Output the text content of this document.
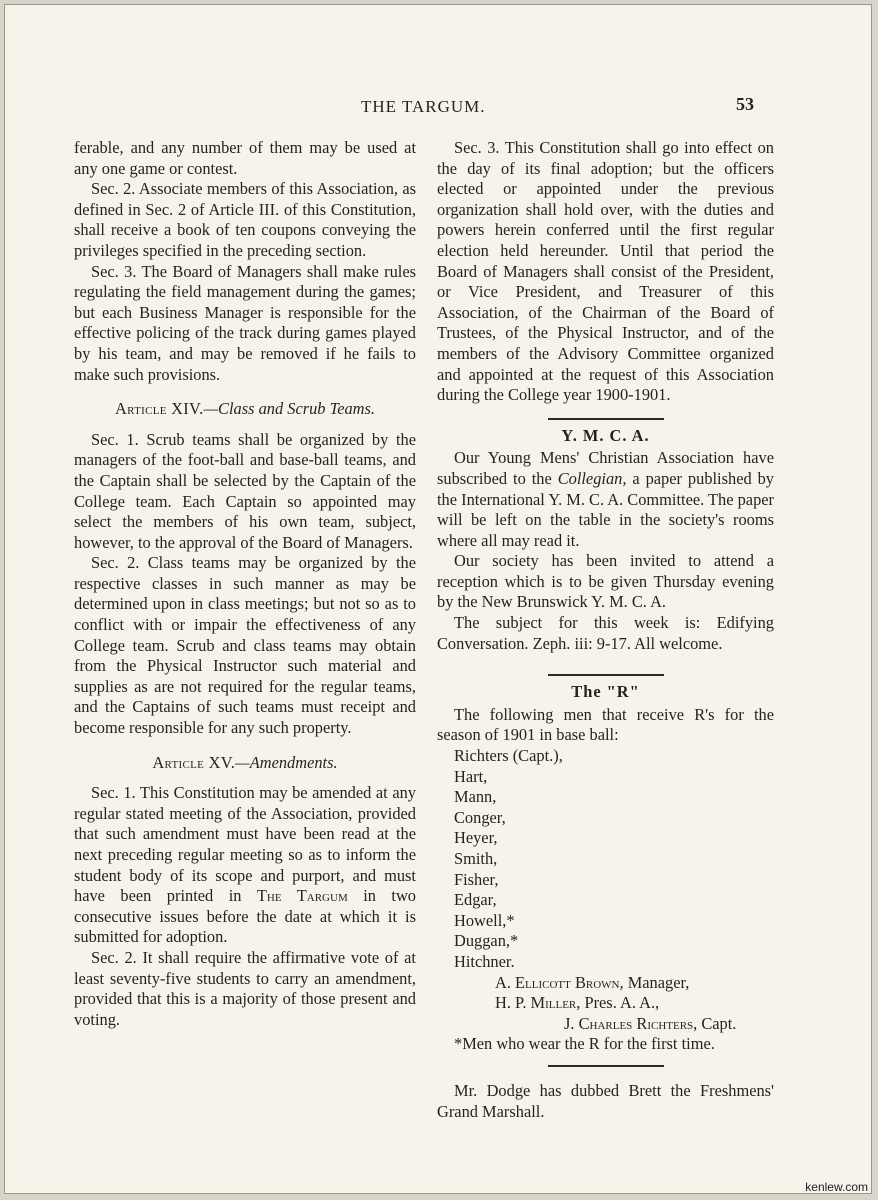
THE TARGUM.	53

ferable, and any number of them may be used at any one game or contest.

Sec. 2. Associate members of this Association, as defined in Sec. 2 of Article III. of this Constitution, shall receive a book of ten coupons conveying the privileges specified in the preceding section.

Sec. 3. The Board of Managers shall make rules regulating the field management during the games; but each Business Manager is responsible for the effective policing of the track during games played by his team, and may be removed if he fails to make such provisions.

Article XIV.—Class and Scrub Teams.

Sec. 1. Scrub teams shall be organized by the managers of the foot-ball and base-ball teams, and the Captain shall be selected by the Captain of the College team. Each Captain so appointed may select the members of his own team, subject, however, to the approval of the Board of Managers.

Sec. 2. Class teams may be organized by the respective classes in such manner as may be determined upon in class meetings; but not so as to conflict with or impair the effectiveness of any College team. Scrub and class teams may obtain from the Physical Instructor such material and supplies as are not required for the regular teams, and the Captains of such teams must receipt and become responsible for any such property.

Article XV.—Amendments.

Sec. 1. This Constitution may be amended at any regular stated meeting of the Association, provided that such amendment must have been read at the next preceding regular meeting so as to inform the student body of its scope and purport, and must have been printed in The Targum in two consecutive issues before the date at which it is submitted for adoption.

Sec. 2. It shall require the affirmative vote of at least seventy-five students to carry an amendment, provided that this is a majority of those present and voting.

Sec. 3. This Constitution shall go into effect on the day of its final adoption; but the officers elected or appointed under the previous organization shall hold over, with the duties and powers herein conferred until the first regular election held hereunder. Until that period the Board of Managers shall consist of the President, or Vice President, and Treasurer of this Association, of the Chairman of the Board of Trustees, of the Physical Instructor, and of the members of the Advisory Committee organized and appointed at the request of this Association during the College year 1900-1901.

Y. M. C. A.

Our Young Mens' Christian Association have subscribed to the Collegian, a paper published by the International Y. M. C. A. Committee. The paper will be left on the table in the society's rooms where all may read it.

Our society has been invited to attend a reception which is to be given Thursday evening by the New Brunswick Y. M. C. A.

The subject for this week is: Edifying Conversation. Zeph. iii: 9-17. All welcome.

The "R"

The following men that receive R's for the season of 1901 in base ball:

Richters (Capt.),
Hart,
Mann,
Conger,
Heyer,
Smith,
Fisher,
Edgar,
Howell,*
Duggan,*
Hitchner.

A. Ellicott Brown, Manager,

H. P. Miller, Pres. A. A.,

J. Charles Richters, Capt.

*Men who wear the R for the first time.

Mr. Dodge has dubbed Brett the Freshmens' Grand Marshall.

kenlew.com
